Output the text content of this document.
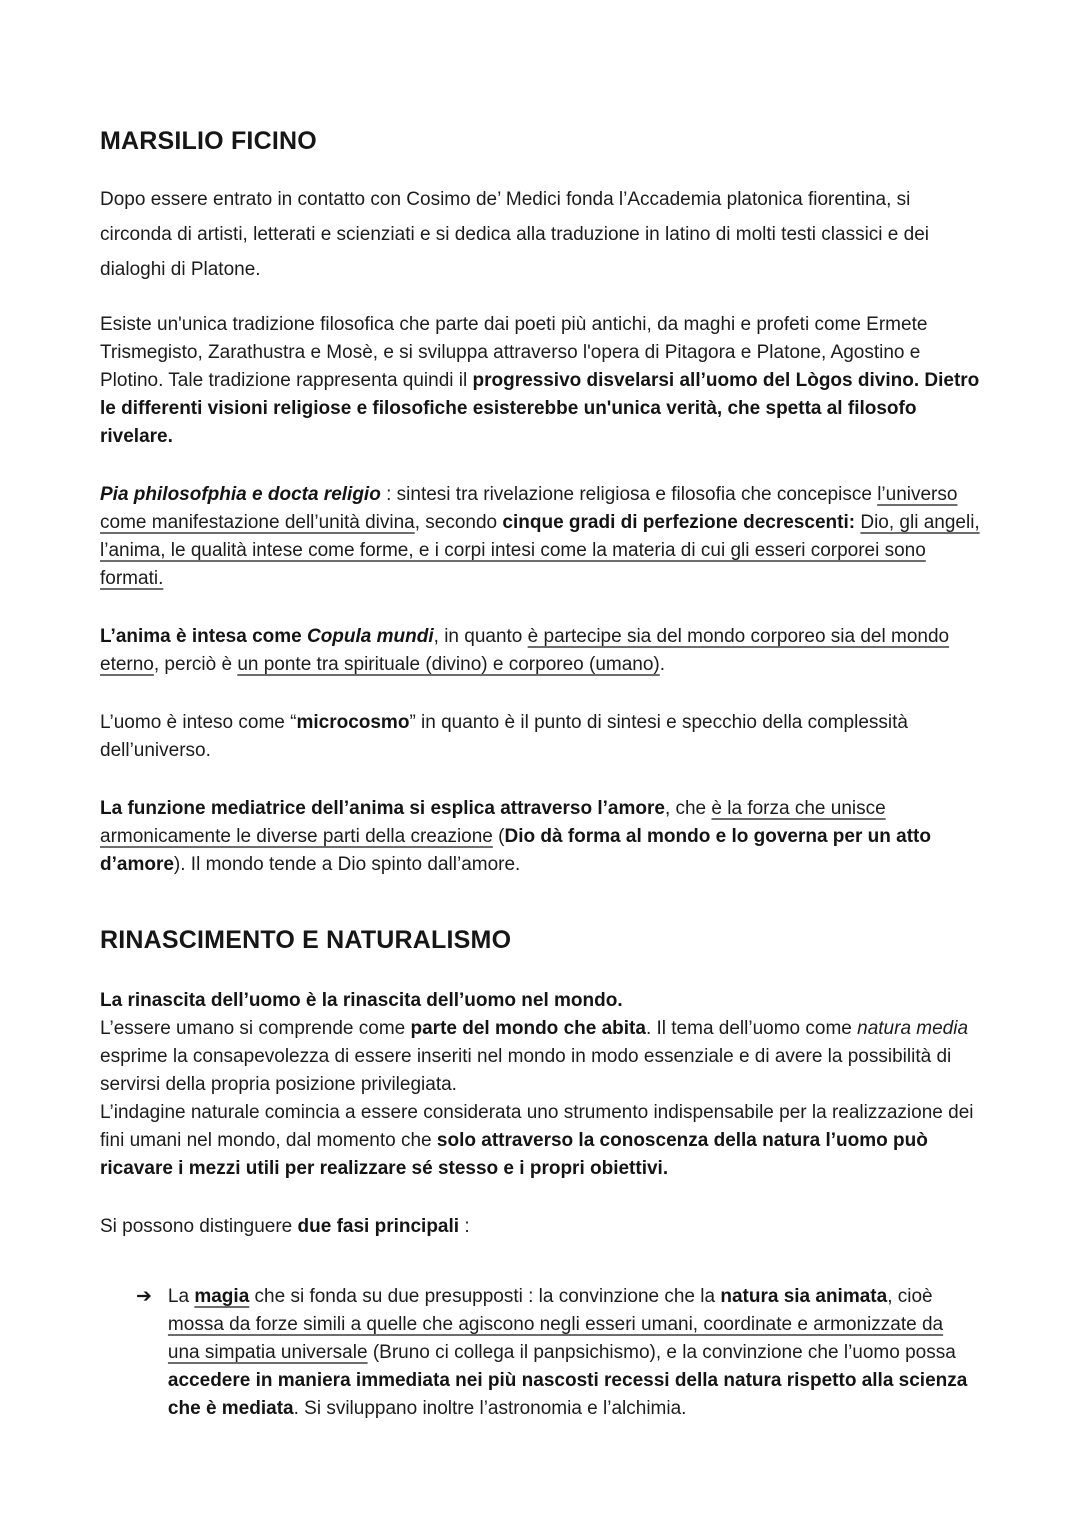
MARSILIO FICINO

Dopo essere entrato in contatto con Cosimo de’ Medici fonda l’Accademia platonica fiorentina, si circonda di artisti, letterati e scienziati e si dedica alla traduzione in latino di molti testi classici e dei dialoghi di Platone.

Esiste un'unica tradizione filosofica che parte dai poeti più antichi, da maghi e profeti come Ermete Trismegisto, Zarathustra e Mosè, e si sviluppa attraverso l'opera di Pitagora e Platone, Agostino e Plotino. Tale tradizione rappresenta quindi il progressivo disvelarsi all’uomo del Lògos divino. Dietro le differenti visioni religiose e filosofiche esisterebbe un'unica verità, che spetta al filosofo rivelare.

Pia philosofphia e docta religio : sintesi tra rivelazione religiosa e filosofia che concepisce l’universo come manifestazione dell’unità divina, secondo cinque gradi di perfezione decrescenti: Dio, gli angeli, l’anima, le qualità intese come forme, e i corpi intesi come la materia di cui gli esseri corporei sono formati.

L’anima è intesa come Copula mundi, in quanto è partecipe sia del mondo corporeo sia del mondo eterno, perciò è un ponte tra spirituale (divino) e corporeo (umano).

L’uomo è inteso come “microcosmo” in quanto è il punto di sintesi e specchio della complessità dell’universo.

La funzione mediatrice dell’anima si esplica attraverso l’amore, che è la forza che unisce armonicamente le diverse parti della creazione (Dio dà forma al mondo e lo governa per un atto d’amore). Il mondo tende a Dio spinto dall’amore.

RINASCIMENTO E NATURALISMO

La rinascita dell’uomo è la rinascita dell’uomo nel mondo.
L’essere umano si comprende come parte del mondo che abita. Il tema dell’uomo come natura media esprime la consapevolezza di essere inseriti nel mondo in modo essenziale e di avere la possibilità di servirsi della propria posizione privilegiata.
L’indagine naturale comincia a essere considerata uno strumento indispensabile per la realizzazione dei fini umani nel mondo, dal momento che solo attraverso la conoscenza della natura l’uomo può ricavare i mezzi utili per realizzare sé stesso e i propri obiettivi.

Si possono distinguere due fasi principali :

➔ La magia che si fonda su due presupposti : la convinzione che la natura sia animata, cioè mossa da forze simili a quelle che agiscono negli esseri umani, coordinate e armonizzate da una simpatia universale (Bruno ci collega il panpsichismo), e la convinzione che l’uomo possa accedere in maniera immediata nei più nascosti recessi della natura rispetto alla scienza che è mediata. Si sviluppano inoltre l’astronomia e l’alchimia.
